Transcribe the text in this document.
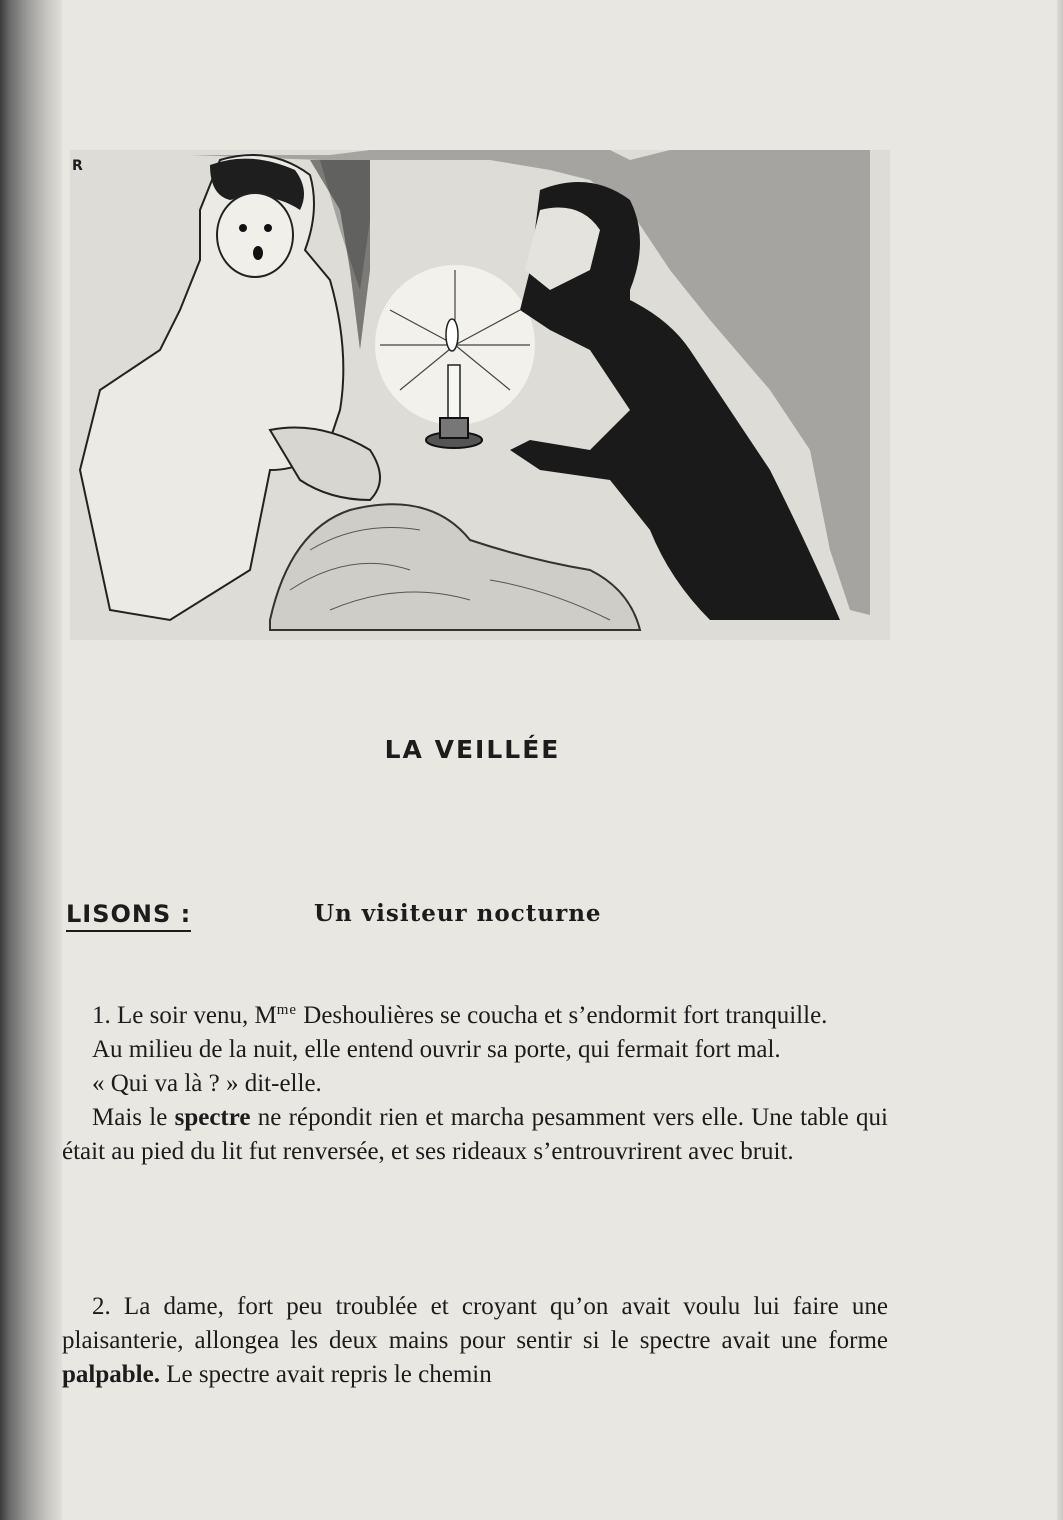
R
LA VEILLÉE
LISONS :	Un visiteur nocturne

1. Le soir venu, $M^{me}$ Deshoulières se coucha et s’endormit fort tranquille.

Au milieu de la nuit, elle entend ouvrir sa porte, qui fermait fort mal.

« Qui va là ? » dit-elle.

Mais le spectre ne répondit rien et marcha pesamment vers elle. Une table qui était au pied du lit fut renversée, et ses rideaux s’entrouvrirent avec bruit.

2. La dame, fort peu troublée et croyant qu’on avait voulu lui faire une plaisanterie, allongea les deux mains pour sentir si le spectre avait une forme palpable. Le spectre avait repris le chemin
